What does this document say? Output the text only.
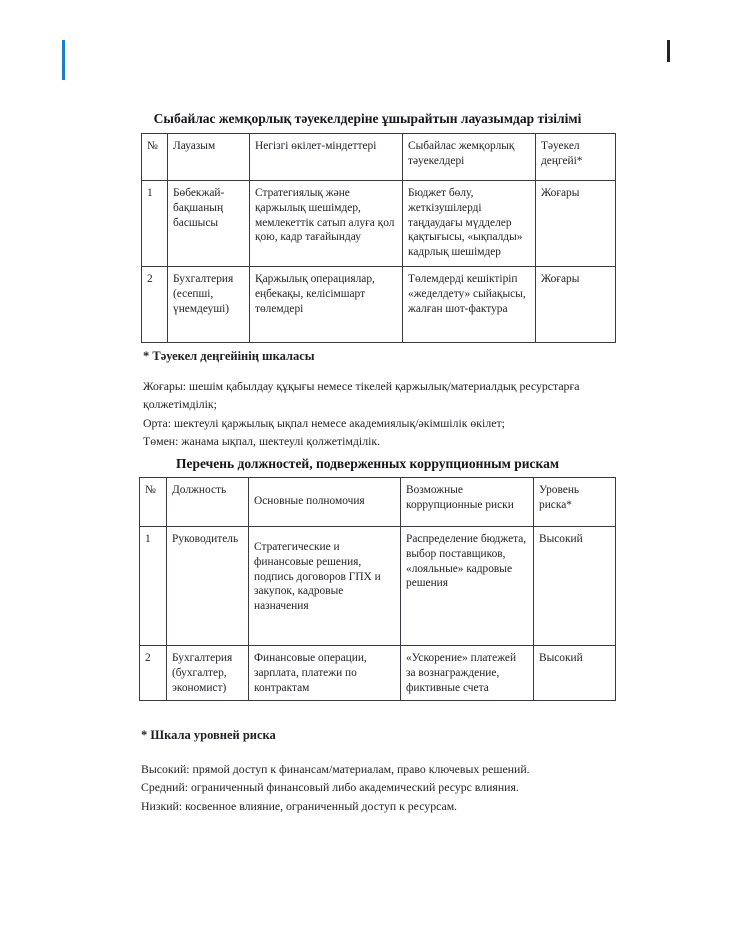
Сыбайлас жемқорлық тәуекелдеріне ұшырайтын лауазымдар тізілімі
№	Лауазым	Негізгі өкілет-міндеттері	Сыбайлас жемқорлық тәуекелдері	Тәуекел деңгейі*
1	Бөбекжай-бақшаның басшысы	Стратегиялық және қаржылық шешімдер, мемлекеттік сатып алуға қол қою, кадр тағайындау	Бюджет бөлу, жеткізушілерді таңдаудағы мүдделер қақтығысы, «ықпалды» кадрлық шешімдер	Жоғары
2	Бухгалтерия (есепші, үнемдеуші)	Қаржылық операциялар, еңбекақы, келісімшарт төлемдері	Төлемдерді кешіктіріп «жеделдету» сыйақысы, жалған шот-фактура	Жоғары
* Тәуекел деңгейінің шкаласы
Жоғары: шешім қабылдау құқығы немесе тікелей қаржылық/материалдық ресурстарға қолжетімділік;
Орта: шектеулі қаржылық ықпал немесе академиялық/әкімшілік өкілет;
Төмен: жанама ықпал, шектеулі қолжетімділік.
Перечень должностей, подверженных коррупционным рискам
№	Должность	Основные полномочия	Возможные коррупционные риски	Уровень риска*
1	Руководитель	Стратегические и финансовые решения, подпись договоров ГПХ и закупок, кадровые назначения	Распределение бюджета, выбор поставщиков, «лояльные» кадровые решения	Высокий
2	Бухгалтерия (бухгалтер, экономист)	Финансовые операции, зарплата, платежи по контрактам	«Ускорение» платежей за вознаграждение, фиктивные счета	Высокий
* Шкала уровней риска
Высокий: прямой доступ к финансам/материалам, право ключевых решений.
Средний: ограниченный финансовый либо академический ресурс влияния.
Низкий: косвенное влияние, ограниченный доступ к ресурсам.
